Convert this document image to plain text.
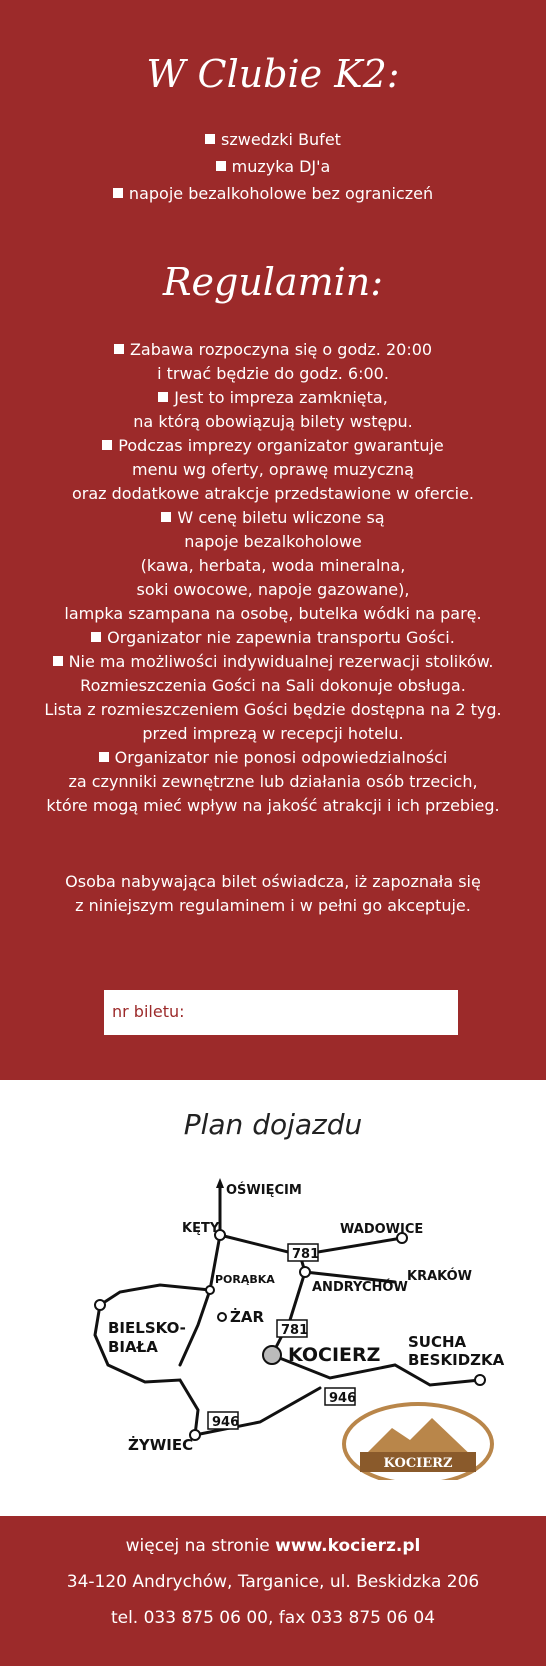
W Clubie K2:
szwedzki Bufet
muzyka DJ'a
napoje bezalkoholowe bez ograniczeń
Regulamin:
Zabawa rozpoczyna się o godz. 20:00
i trwać będzie do godz. 6:00.
Jest to impreza zamknięta,
na którą obowiązują bilety wstępu.
Podczas imprezy organizator gwarantuje
menu wg oferty, oprawę muzyczną
oraz dodatkowe atrakcje przedstawione w ofercie.
W cenę biletu wliczone są
napoje bezalkoholowe
(kawa, herbata, woda mineralna,
soki owocowe, napoje gazowane),
lampka szampana na osobę, butelka wódki na parę.
Organizator nie zapewnia transportu Gości.
Nie ma możliwości indywidualnej rezerwacji stolików.
Rozmieszczenia Gości na Sali dokonuje obsługa.
Lista z rozmieszczeniem Gości będzie dostępna na 2 tyg.
przed imprezą w recepcji hotelu.
Organizator nie ponosi odpowiedzialności
za czynniki zewnętrzne lub działania osób trzecich,
które mogą mieć wpływ na jakość atrakcji i ich przebieg.
Osoba nabywająca bilet oświadcza, iż zapoznała się
z niniejszym regulaminem i w pełni go akceptuje.
nr biletu:
Plan dojazdu
OŚWIĘCIM
KĘTY	WADOWICE
KRAKÓW
ANDRYCHÓW
PORĄBKA
ŻAR
BIELSKO-
BIAŁA	KOCIERZ
SUCHA
BESKIDZKA
ŻYWIEC
781
781
946
946
KOCIERZ
więcej na stronie www.kocierz.pl
34-120 Andrychów, Targanice, ul. Beskidzka 206
tel. 033 875 06 00, fax 033 875 06 04
